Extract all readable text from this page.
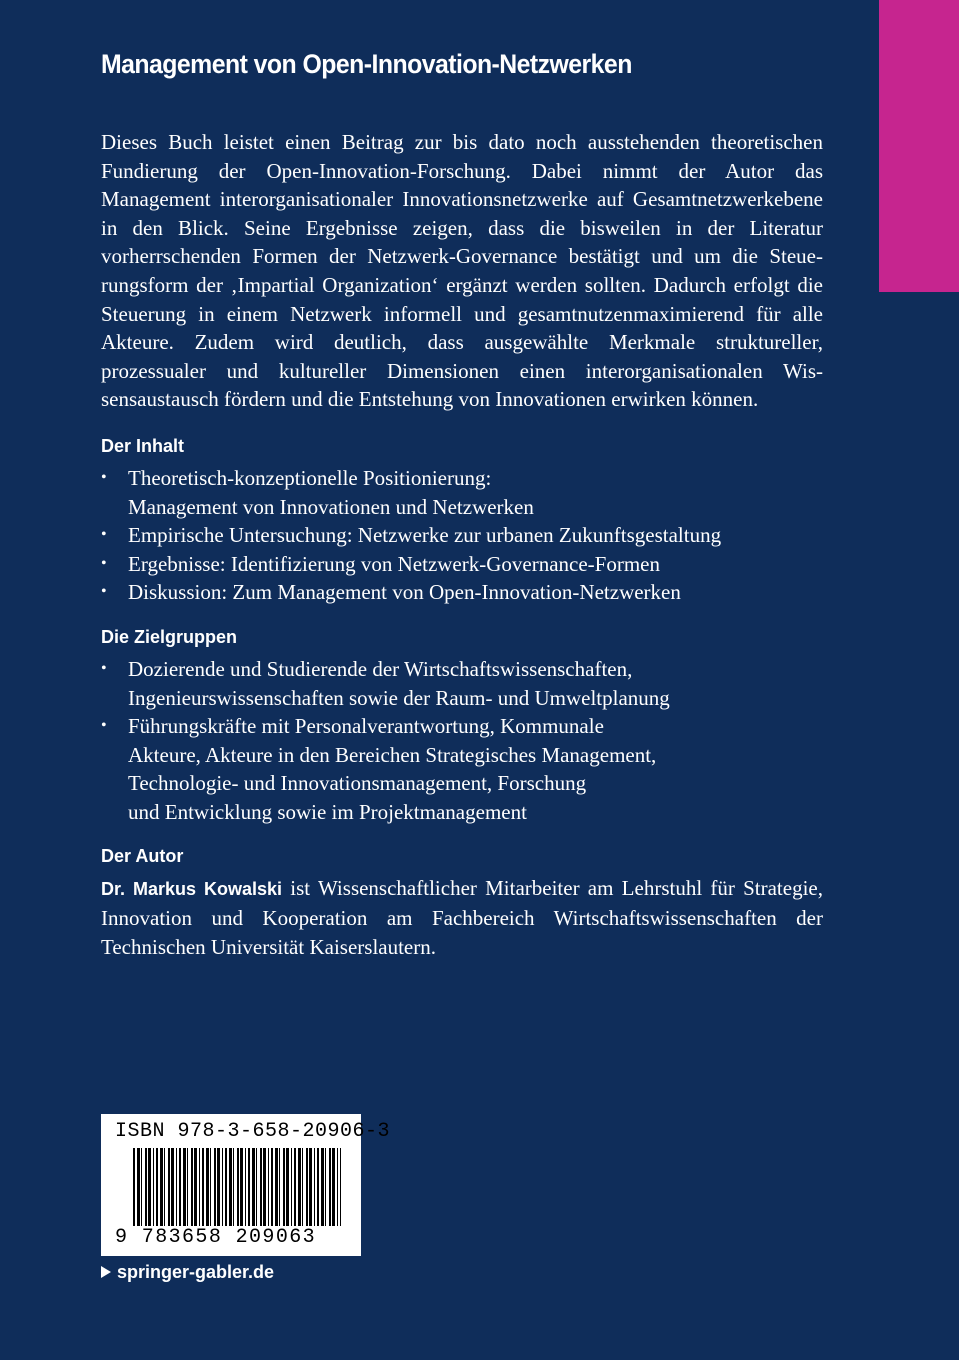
Management von Open-Innovation-Netzwerken

Dieses Buch leistet einen Beitrag zur bis dato noch ausstehenden theoretischen Fundierung der Open-Innovation-Forschung. Dabei nimmt der Autor das Management interorganisationaler Innovationsnetzwerke auf Gesamtnetzwerkebene in den Blick. Seine Ergebnisse zeigen, dass die bisweilen in der Literatur vorherrschenden Formen der Netzwerk-Governance bestätigt und um die Steuerungsform der ‚Impartial Organization‘ ergänzt werden sollten. Dadurch erfolgt die Steuerung in einem Netzwerk informell und gesamtnutzenmaximierend für alle Akteure. Zudem wird deutlich, dass ausgewählte Merkmale struktureller, prozessualer und kultureller Dimensionen einen interorganisationalen Wissensaustausch fördern und die Entstehung von Innovationen erwirken können.

Der Inhalt
• Theoretisch-konzeptionelle Positionierung:
Management von Innovationen und Netzwerken
• Empirische Untersuchung: Netzwerke zur urbanen Zukunftsgestaltung
• Ergebnisse: Identifizierung von Netzwerk-Governance-Formen
• Diskussion: Zum Management von Open-Innovation-Netzwerken
Die Zielgruppen
• Dozierende und Studierende der Wirtschaftswissenschaften,
Ingenieurswissenschaften sowie der Raum- und Umweltplanung
• Führungskräfte mit Personalverantwortung, Kommunale
Akteure, Akteure in den Bereichen Strategisches Management,
Technologie- und Innovationsmanagement, Forschung
und Entwicklung sowie im Projektmanagement
Der Autor

Dr. Markus Kowalski ist Wissenschaftlicher Mitarbeiter am Lehrstuhl für Strategie, Innovation und Kooperation am Fachbereich Wirtschaftswissenschaften der Technischen Universität Kaiserslautern.

ISBN 978-3-658-20906-3
9 783658 209063
springer-gabler.de
